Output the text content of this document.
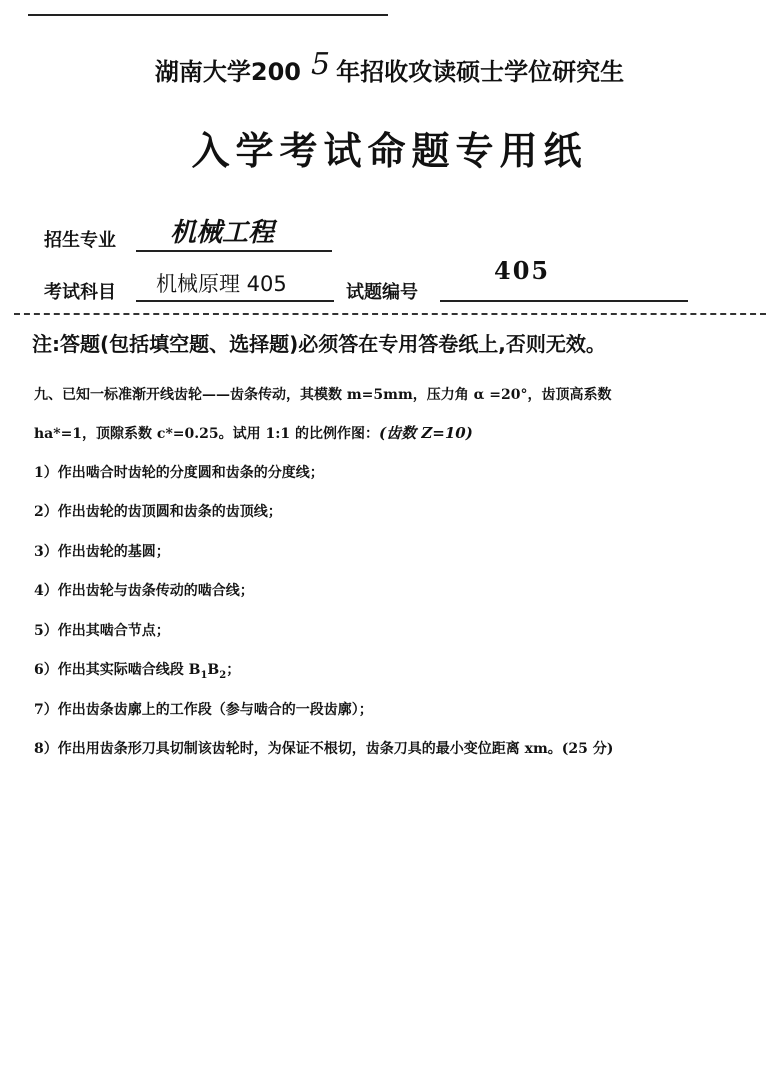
湖南大学200 5 年招收攻读硕士学位研究生
入学考试命题专用纸
招生专业 机械工程
考试科目 机械原理 405	试题编号
405
注:答题(包括填空题、选择题)必须答在专用答卷纸上,否则无效。
九、已知一标准渐开线齿轮——齿条传动，其模数 m=5mm，压力角 α =20°，齿顶高系数
ha*=1，顶隙系数 c*=0.25。试用 1:1 的比例作图：(齿数 Z=10)
1）作出啮合时齿轮的分度圆和齿条的分度线；
2）作出齿轮的齿顶圆和齿条的齿顶线；
3）作出齿轮的基圆；
4）作出齿轮与齿条传动的啮合线；
5）作出其啮合节点；
6）作出其实际啮合线段 $B_1B_2$；
7）作出齿条齿廓上的工作段（参与啮合的一段齿廓）；
8）作出用齿条形刀具切制该齿轮时，为保证不根切，齿条刀具的最小变位距离 xm。(25 分)
